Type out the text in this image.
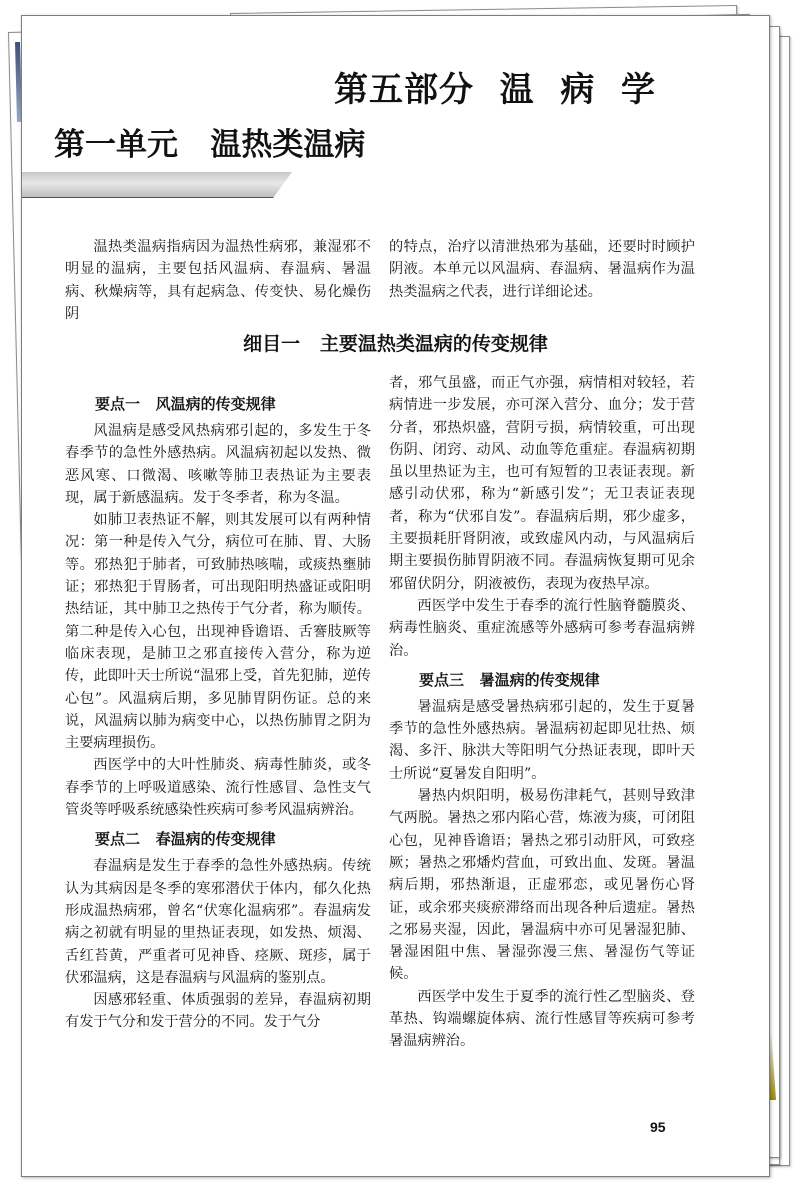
第五部分  温  病  学
第一单元   温热类温病

温热类温病指病因为温热性病邪，兼湿邪不明显的温病，主要包括风温病、春温病、暑温病、秋燥病等，具有起病急、传变快、易化燥伤阴

的特点，治疗以清泄热邪为基础，还要时时顾护阴液。本单元以风温病、春温病、暑温病作为温热类温病之代表，进行详细论述。

细目一   主要温热类温病的传变规律
要点一   风温病的传变规律

风温病是感受风热病邪引起的，多发生于冬春季节的急性外感热病。风温病初起以发热、微恶风寒、口微渴、咳嗽等肺卫表热证为主要表现，属于新感温病。发于冬季者，称为冬温。

如肺卫表热证不解，则其发展可以有两种情况：第一种是传入气分，病位可在肺、胃、大肠等。邪热犯于肺者，可致肺热咳喘，或痰热壅肺证；邪热犯于胃肠者，可出现阳明热盛证或阳明热结证，其中肺卫之热传于气分者，称为顺传。第二种是传入心包，出现神昏谵语、舌謇肢厥等临床表现，是肺卫之邪直接传入营分，称为逆传，此即叶天士所说“温邪上受，首先犯肺，逆传心包”。风温病后期，多见肺胃阴伤证。总的来说，风温病以肺为病变中心，以热伤肺胃之阴为主要病理损伤。

西医学中的大叶性肺炎、病毒性肺炎，或冬春季节的上呼吸道感染、流行性感冒、急性支气管炎等呼吸系统感染性疾病可参考风温病辨治。

要点二   春温病的传变规律

春温病是发生于春季的急性外感热病。传统认为其病因是冬季的寒邪潜伏于体内，郁久化热形成温热病邪，曾名“伏寒化温病邪”。春温病发病之初就有明显的里热证表现，如发热、烦渴、舌红苔黄，严重者可见神昏、痉厥、斑疹，属于伏邪温病，这是春温病与风温病的鉴别点。

因感邪轻重、体质强弱的差异，春温病初期有发于气分和发于营分的不同。发于气分

者，邪气虽盛，而正气亦强，病情相对较轻，若病情进一步发展，亦可深入营分、血分；发于营分者，邪热炽盛，营阴亏损，病情较重，可出现伤阴、闭窍、动风、动血等危重症。春温病初期虽以里热证为主，也可有短暂的卫表证表现。新感引动伏邪，称为“新感引发”；无卫表证表现者，称为“伏邪自发”。春温病后期，邪少虚多，主要损耗肝肾阴液，或致虚风内动，与风温病后期主要损伤肺胃阴液不同。春温病恢复期可见余邪留伏阴分，阴液被伤，表现为夜热早凉。

西医学中发生于春季的流行性脑脊髓膜炎、病毒性脑炎、重症流感等外感病可参考春温病辨治。

要点三   暑温病的传变规律

暑温病是感受暑热病邪引起的，发生于夏暑季节的急性外感热病。暑温病初起即见壮热、烦渴、多汗、脉洪大等阳明气分热证表现，即叶天士所说“夏暑发自阳明”。

暑热内炽阳明，极易伤津耗气，甚则导致津气两脱。暑热之邪内陷心营，炼液为痰，可闭阻心包，见神昏谵语；暑热之邪引动肝风，可致痉厥；暑热之邪燔灼营血，可致出血、发斑。暑温病后期，邪热渐退，正虚邪恋，或见暑伤心肾证，或余邪夹痰瘀滞络而出现各种后遗症。暑热之邪易夹湿，因此，暑温病中亦可见暑湿犯肺、暑湿困阻中焦、暑湿弥漫三焦、暑湿伤气等证候。

西医学中发生于夏季的流行性乙型脑炎、登革热、钩端螺旋体病、流行性感冒等疾病可参考暑温病辨治。

95
